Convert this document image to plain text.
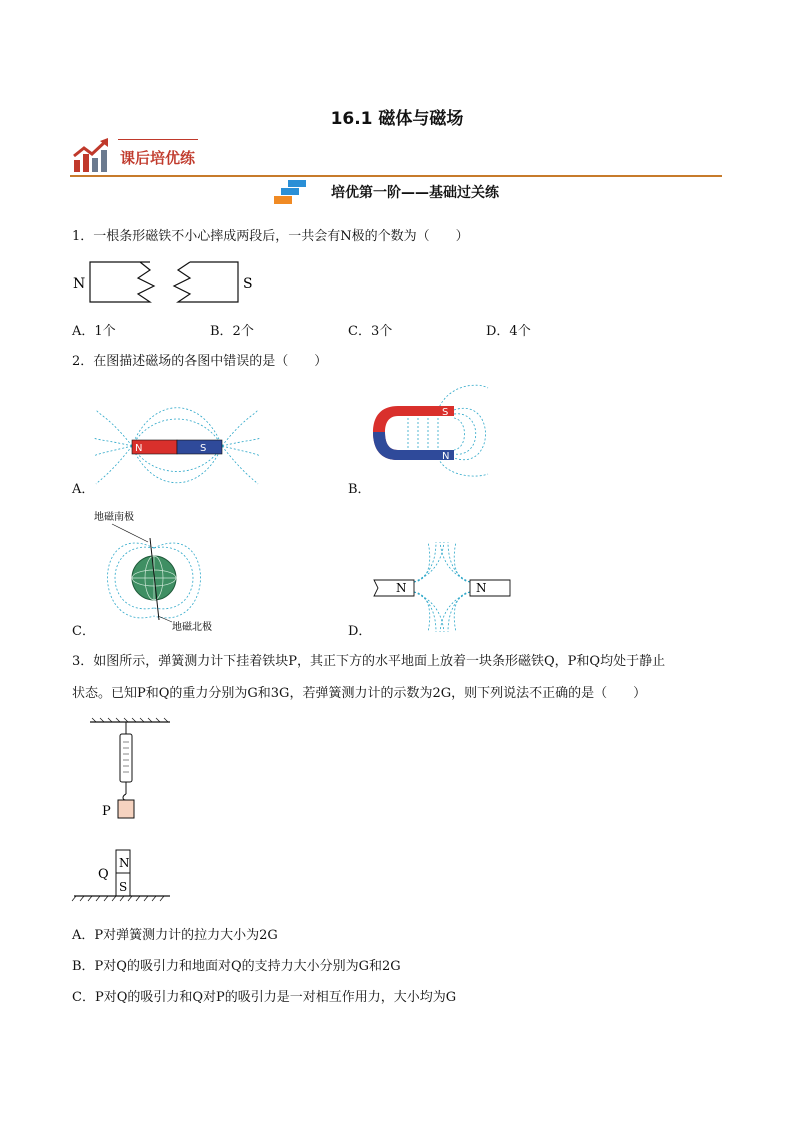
16.1 磁体与磁场
课后培优练
培优第一阶——基础过关练
1．一根条形磁铁不小心摔成两段后，一共会有N极的个数为（　　）
N	S
A．1个	B．2个	C．3个	D．4个
2．在图描述磁场的各图中错误的是（　　）
N	S
A．
S
N
B．
地磁南极
地磁北极
C．
N	N
D．
3．如图所示，弹簧测力计下挂着铁块P，其正下方的水平地面上放着一块条形磁铁Q，P和Q均处于静止
状态。已知P和Q的重力分别为G和3G，若弹簧测力计的示数为2G，则下列说法不正确的是（　　）
P
N
S
Q
A．P对弹簧测力计的拉力大小为2G
B．P对Q的吸引力和地面对Q的支持力大小分别为G和2G
C．P对Q的吸引力和Q对P的吸引力是一对相互作用力，大小均为G
